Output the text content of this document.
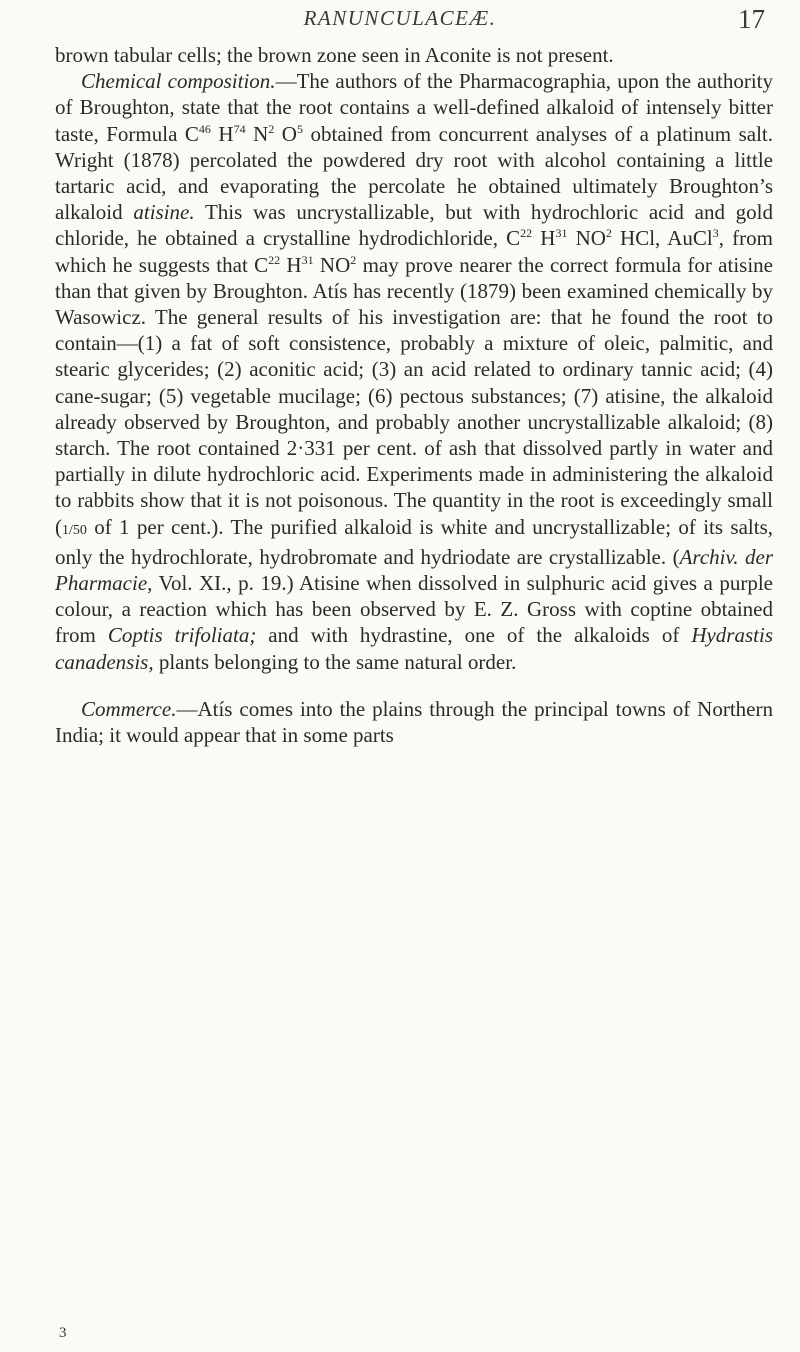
RANUNCULACEÆ.	17

brown tabular cells; the brown zone seen in Aconite is not present.

Chemical composition.—The authors of the Pharmacographia, upon the authority of Broughton, state that the root contains a well-defined alkaloid of intensely bitter taste, Formula $C^{46}$ $H^{74}$ $N^2$ $O^5$ obtained from concurrent analyses of a platinum salt. Wright (1878) percolated the powdered dry root with alcohol containing a little tartaric acid, and evaporating the percolate he obtained ultimately Broughton’s alkaloid atisine. This was uncrystallizable, but with hydrochloric acid and gold chloride, he obtained a crystalline hydrodichloride, $C^{22}$ $H^{31}$ $NO^2$ HCl, AuCl$^3$, from which he suggests that $C^{22}$ $H^{31}$ $NO^2$ may prove nearer the correct formula for atisine than that given by Broughton. Atís has recently (1879) been examined chemically by Wasowicz. The general results of his investigation are: that he found the root to contain—(1) a fat of soft consistence, probably a mixture of oleic, palmitic, and stearic glycerides; (2) aconitic acid; (3) an acid related to ordinary tannic acid; (4) cane-sugar; (5) vegetable mucilage; (6) pectous substances; (7) atisine, the alkaloid already observed by Broughton, and probably another uncrystallizable alkaloid; (8) starch. The root contained 2·331 per cent. of ash that dissolved partly in water and partially in dilute hydrochloric acid. Experiments made in administering the alkaloid to rabbits show that it is not poisonous. The quantity in the root is exceedingly small (1/50 of 1 per cent.). The purified alkaloid is white and uncrystallizable; of its salts, only the hydrochlorate, hydrobromate and hydriodate are crystallizable. (Archiv. der Pharmacie, Vol. XI., p. 19.) Atisine when dissolved in sulphuric acid gives a purple colour, a reaction which has been observed by E. Z. Gross with coptine obtained from Coptis trifoliata; and with hydrastine, one of the alkaloids of Hydrastis canadensis, plants belonging to the same natural order.

Commerce.—Atís comes into the plains through the principal towns of Northern India; it would appear that in some parts

3
